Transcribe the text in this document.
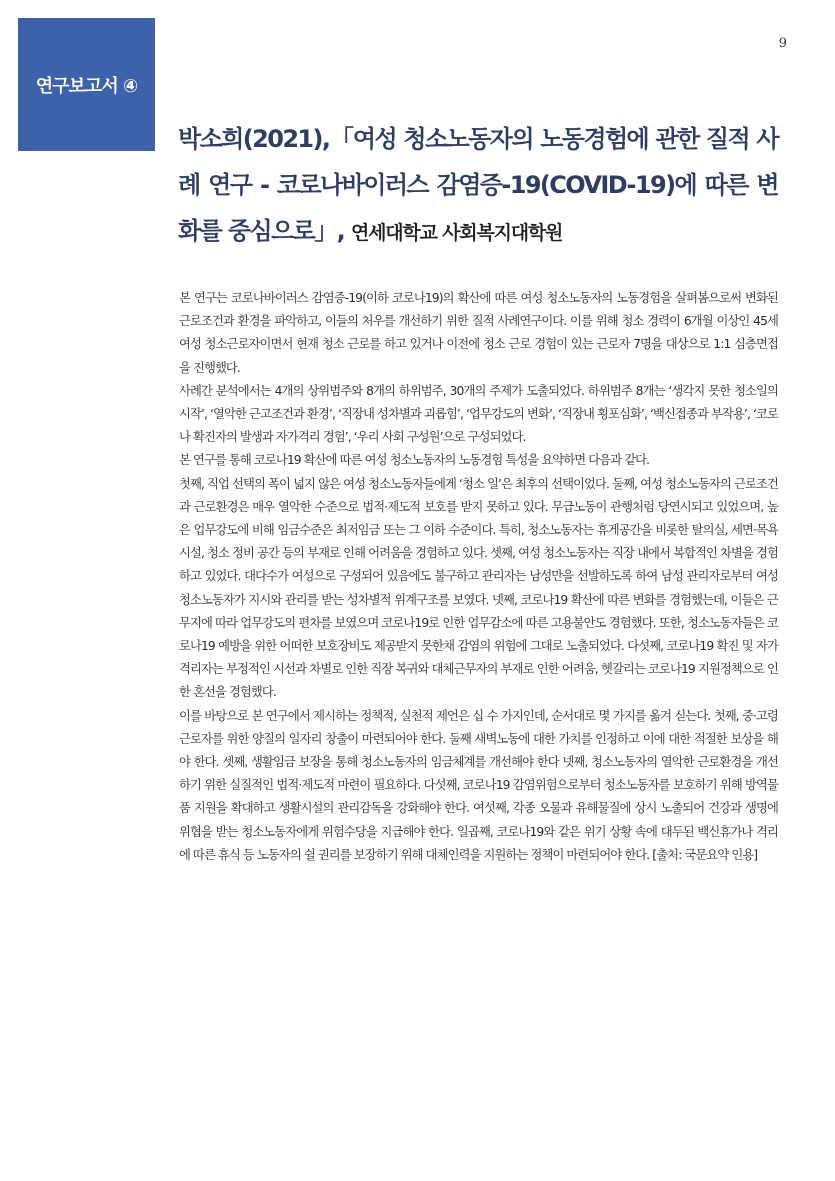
연구보고서 ④
9
박소희(2021),「여성 청소노동자의 노동경험에 관한 질적 사례 연구 - 코로나바이러스 감염증-19(COVID-19)에 따른 변화를 중심으로」, 연세대학교 사회복지대학원

본 연구는 코로나바이러스 감염증-19(이하 코로나19)의 확산에 따른 여성 청소노동자의 노동경험을 살펴봄으로써 변화된 근로조건과 환경을 파악하고, 이들의 처우를 개선하기 위한 질적 사례연구이다. 이를 위해 청소 경력이 6개월 이상인 45세 여성 청소근로자이면서 현재 청소 근로를 하고 있거나 이전에 청소 근로 경험이 있는 근로자 7명을 대상으로 1:1 심층면접을 진행했다.

사례간 분석에서는 4개의 상위범주와 8개의 하위범주, 30개의 주제가 도출되었다. 하위범주 8개는 ‘생각지 못한 청소일의 시작’, ‘열악한 근고조건과 환경’, ‘직장내 성차별과 괴롭힘’, ‘업무강도의 변화’, ‘직장내 횡포심화’, ‘백신접종과 부작용’, ‘코로나 확진자의 발생과 자가격리 경험’, ‘우리 사회 구성원’으로 구성되었다.

본 연구를 통해 코로나19 확산에 따른 여성 청소노동자의 노동경험 특성을 요약하면 다음과 같다.

첫째, 직업 선택의 폭이 넓지 않은 여성 청소노동자들에게 ‘청소 일’은 최후의 선택이었다. 둘째, 여성 청소노동자의 근로조건과 근로환경은 매우 열악한 수준으로 법적·제도적 보호를 받지 못하고 있다. 무급노동이 관행처럼 당연시되고 있었으며, 높은 업무강도에 비해 임금수준은 최저임금 또는 그 이하 수준이다. 특히, 청소노동자는 휴게공간을 비롯한 탈의실, 세면·목욕시설, 청소 정비 공간 등의 부재로 인해 어려움을 경험하고 있다. 셋째, 여성 청소노동자는 직장 내에서 복합적인 차별을 경험하고 있었다. 대다수가 여성으로 구성되어 있음에도 불구하고 관리자는 남성만을 선발하도록 하여 남성 관리자로부터 여성 청소노동자가 지시와 관리를 받는 성차별적 위계구조를 보였다. 넷째, 코로나19 확산에 따른 변화를 경험했는데, 이들은 근무지에 따라 업무강도의 편차를 보였으며 코로나19로 인한 업무감소에 따른 고용불안도 경험했다. 또한, 청소노동자들은 코로나19 예방을 위한 어떠한 보호장비도 제공받지 못한채 감염의 위험에 그대로 노출되었다. 다섯째, 코로나19 확진 및 자가격리자는 부정적인 시선과 차별로 인한 직장 복귀와 대체근무자의 부재로 인한 어려움, 헷갈리는 코로나19 지원정책으로 인한 혼선을 경험했다.

이를 바탕으로 본 연구에서 제시하는 정책적, 실천적 제언은 십 수 가지인데, 순서대로 몇 가지를 옮겨 싣는다. 첫째, 중·고령 근로자를 위한 양질의 일자리 창출이 마련되어야 한다. 둘째 새벽노동에 대한 가치를 인정하고 이에 대한 적절한 보상을 해야 한다. 셋째, 생활임금 보장을 통해 청소노동자의 임금체계를 개선해야 한다 넷째, 청소노동자의 열악한 근로환경을 개선하기 위한 실질적인 법적·제도적 마련이 필요하다. 다섯째, 코로나19 감염위험으로부터 청소노동자를 보호하기 위해 방역물품 지원을 확대하고 생활시설의 관리감독을 강화해야 한다. 여섯째, 각종 오물과 유해물질에 상시 노출되어 건강과 생명에 위협을 받는 청소노동자에게 위험수당을 지급해야 한다. 일곱째, 코로나19와 같은 위기 상황 속에 대두된 백신휴가나 격리에 따른 휴식 등 노동자의 쉴 권리를 보장하기 위해 대체인력을 지원하는 정책이 마련되어야 한다. [출처: 국문요약 인용]
